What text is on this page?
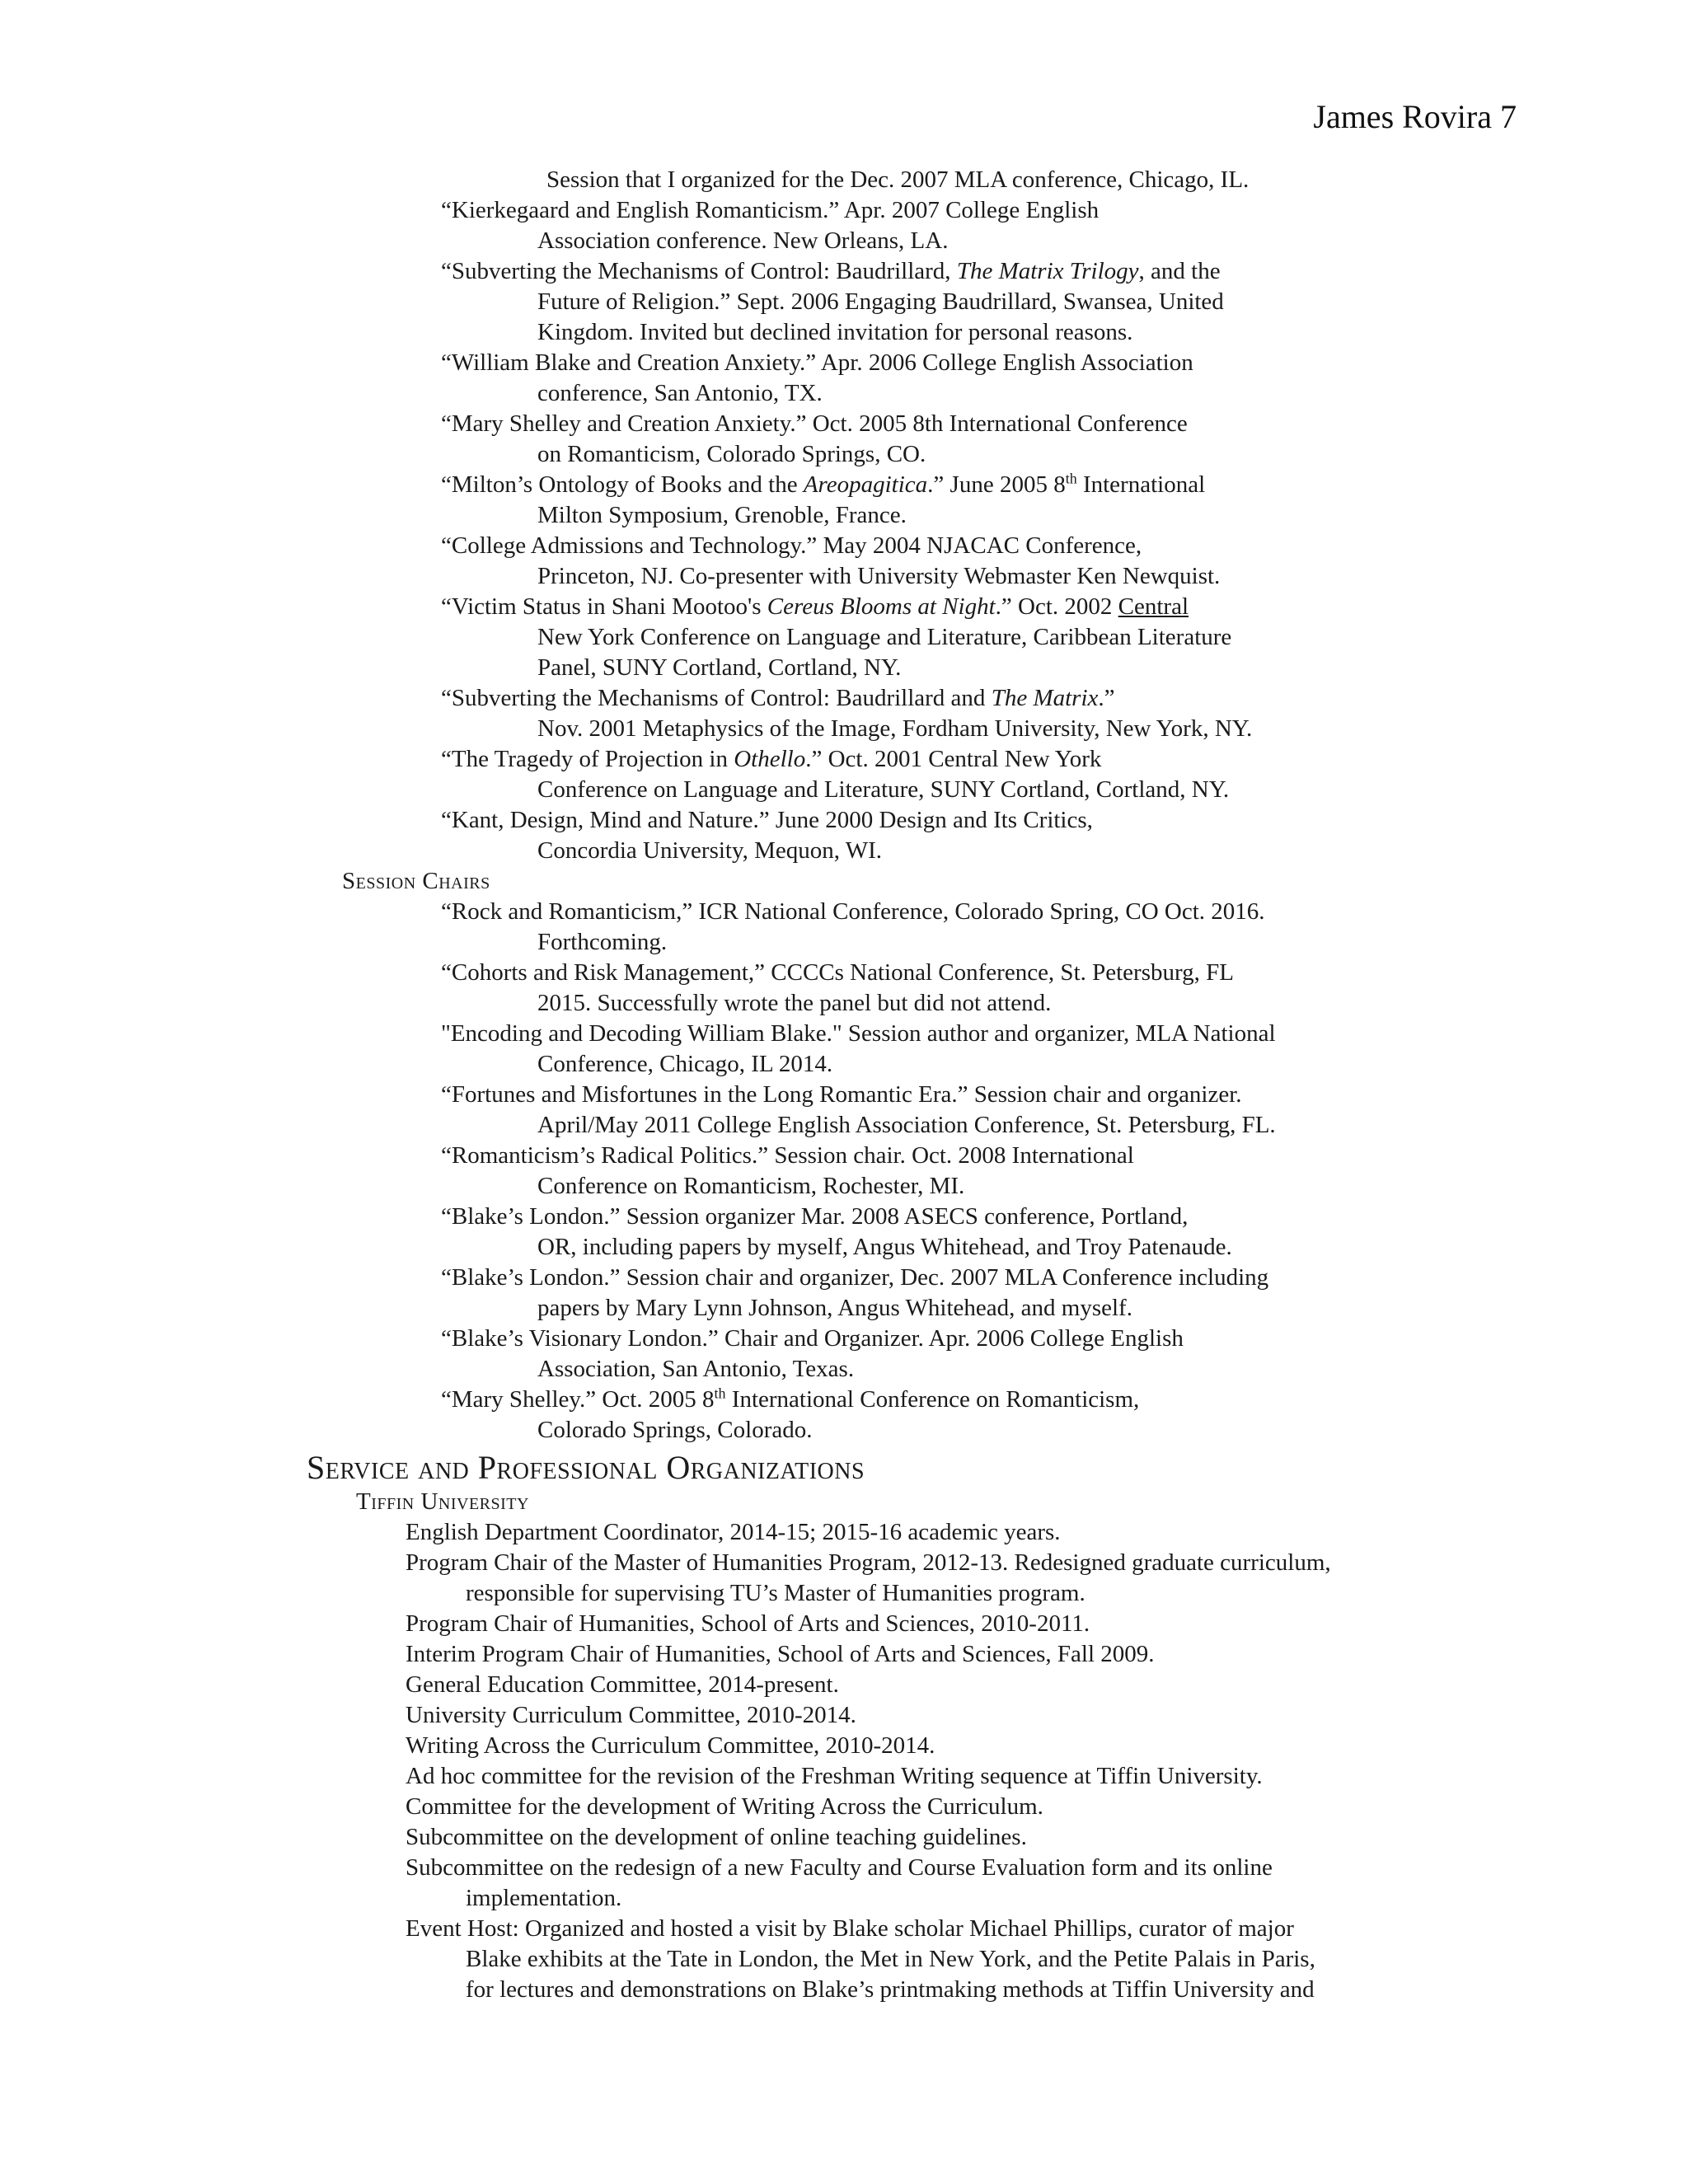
James Rovira 7
Session that I organized for the Dec. 2007 MLA conference, Chicago, IL.
“Kierkegaard and English Romanticism.” Apr. 2007 College English
Association conference. New Orleans, LA.
“Subverting the Mechanisms of Control: Baudrillard, The Matrix Trilogy, and the
Future of Religion.” Sept. 2006 Engaging Baudrillard, Swansea, United
Kingdom. Invited but declined invitation for personal reasons.
“William Blake and Creation Anxiety.” Apr. 2006 College English Association
conference, San Antonio, TX.
“Mary Shelley and Creation Anxiety.” Oct. 2005 8th International Conference
on Romanticism, Colorado Springs, CO.
“Milton’s Ontology of Books and the Areopagitica.” June 2005 8th International
Milton Symposium, Grenoble, France.
“College Admissions and Technology.” May 2004 NJACAC Conference,
Princeton, NJ. Co-presenter with University Webmaster Ken Newquist.
“Victim Status in Shani Mootoo's Cereus Blooms at Night.” Oct. 2002 Central
New York Conference on Language and Literature, Caribbean Literature
Panel, SUNY Cortland, Cortland, NY.
“Subverting the Mechanisms of Control: Baudrillard and The Matrix.”
Nov. 2001 Metaphysics of the Image, Fordham University, New York, NY.
“The Tragedy of Projection in Othello.” Oct. 2001 Central New York
Conference on Language and Literature, SUNY Cortland, Cortland, NY.
“Kant, Design, Mind and Nature.” June 2000 Design and Its Critics,
Concordia University, Mequon, WI.
Session Chairs
“Rock and Romanticism,” ICR National Conference, Colorado Spring, CO Oct. 2016.
Forthcoming.
“Cohorts and Risk Management,” CCCCs National Conference, St. Petersburg, FL
2015. Successfully wrote the panel but did not attend.
"Encoding and Decoding William Blake." Session author and organizer, MLA National
Conference, Chicago, IL 2014.
“Fortunes and Misfortunes in the Long Romantic Era.” Session chair and organizer.
April/May 2011 College English Association Conference, St. Petersburg, FL.
“Romanticism’s Radical Politics.” Session chair. Oct. 2008 International
Conference on Romanticism, Rochester, MI.
“Blake’s London.” Session organizer Mar. 2008 ASECS conference, Portland,
OR, including papers by myself, Angus Whitehead, and Troy Patenaude.
“Blake’s London.” Session chair and organizer, Dec. 2007 MLA Conference including
papers by Mary Lynn Johnson, Angus Whitehead, and myself.
“Blake’s Visionary London.” Chair and Organizer. Apr. 2006 College English
Association, San Antonio, Texas.
“Mary Shelley.” Oct. 2005 8th International Conference on Romanticism,
Colorado Springs, Colorado.
Service and Professional Organizations
Tiffin University
English Department Coordinator, 2014-15; 2015-16 academic years.
Program Chair of the Master of Humanities Program, 2012-13. Redesigned graduate curriculum,
responsible for supervising TU’s Master of Humanities program.
Program Chair of Humanities, School of Arts and Sciences, 2010-2011.
Interim Program Chair of Humanities, School of Arts and Sciences, Fall 2009.
General Education Committee, 2014-present.
University Curriculum Committee, 2010-2014.
Writing Across the Curriculum Committee, 2010-2014.
Ad hoc committee for the revision of the Freshman Writing sequence at Tiffin University.
Committee for the development of Writing Across the Curriculum.
Subcommittee on the development of online teaching guidelines.
Subcommittee on the redesign of a new Faculty and Course Evaluation form and its online
implementation.
Event Host: Organized and hosted a visit by Blake scholar Michael Phillips, curator of major
Blake exhibits at the Tate in London, the Met in New York, and the Petite Palais in Paris,
for lectures and demonstrations on Blake’s printmaking methods at Tiffin University and
